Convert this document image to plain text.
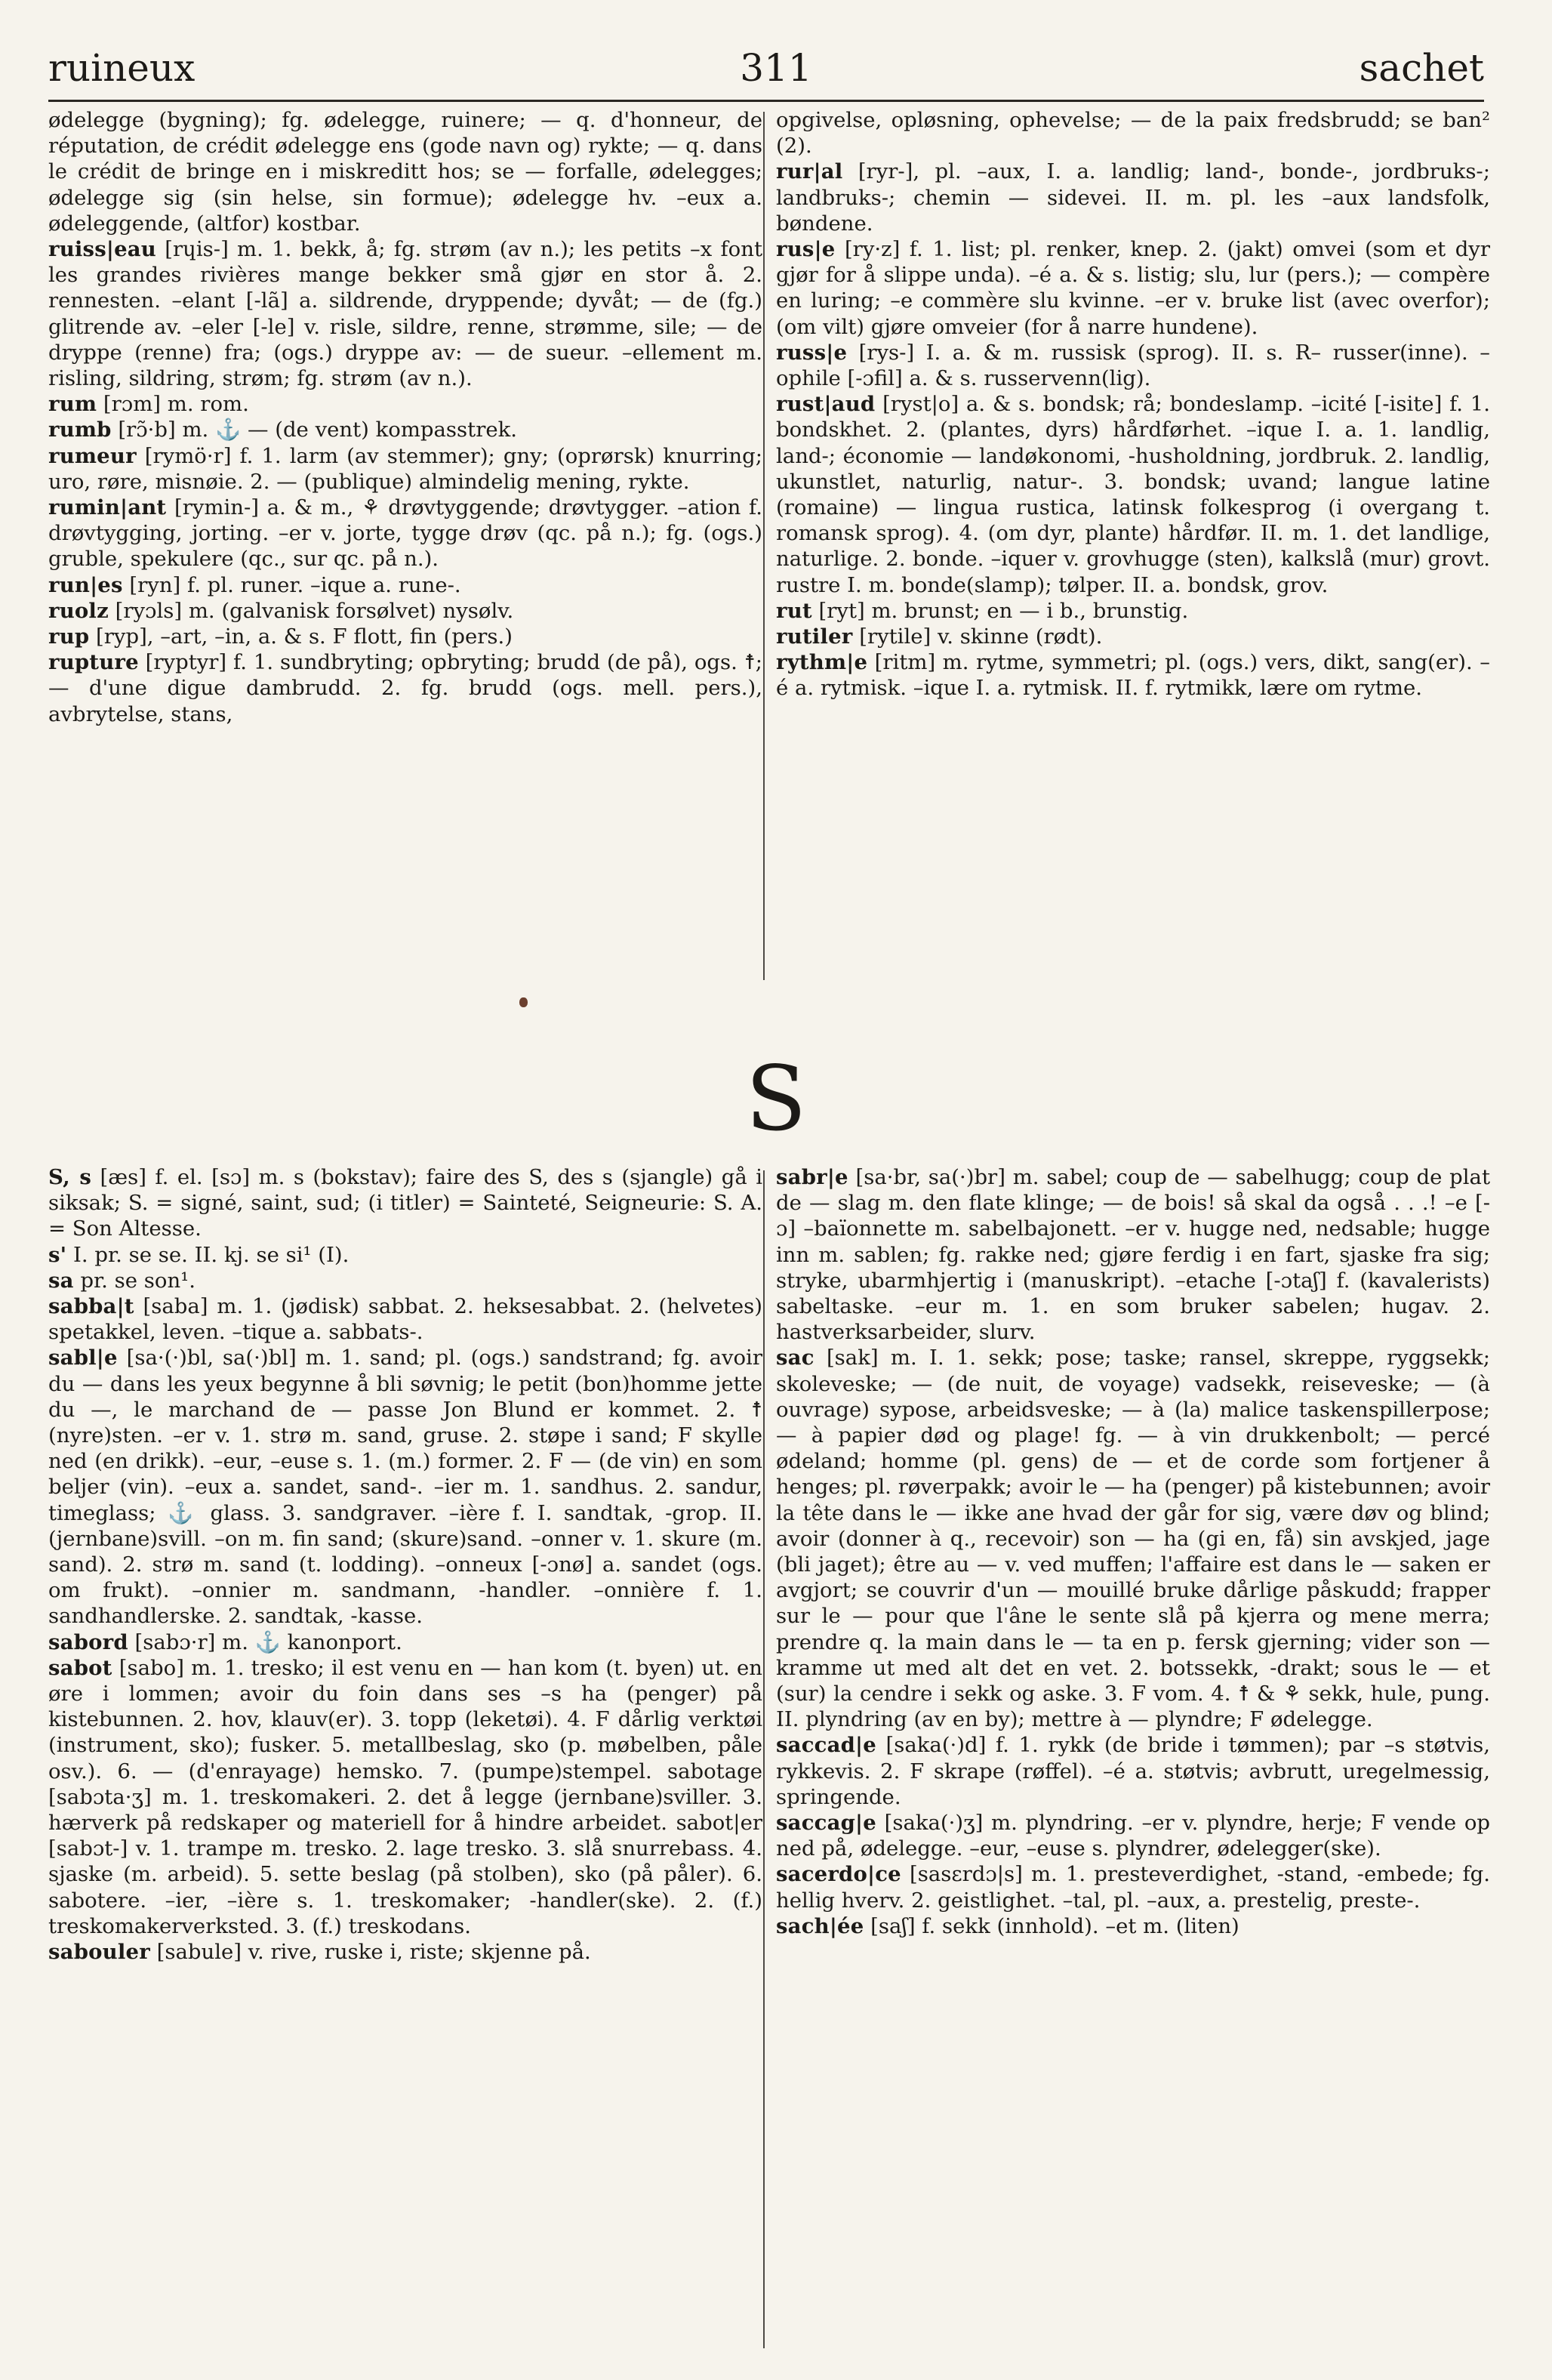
311
ruineux	sachet

ødelegge (bygning); fg. ødelegge, ruinere; — q. d'honneur, de réputation, de crédit ødelegge ens (gode navn og) rykte; — q. dans le crédit de bringe en i miskreditt hos; se — forfalle, ødelegges; ødelegge sig (sin helse, sin formue); ødelegge hv. –eux a. ødeleggende, (altfor) kostbar.

ruiss|eau [rɥis-] m. 1. bekk, å; fg. strøm (av n.); les petits –x font les grandes rivières mange bekker små gjør en stor å. 2. rennesten. –elant [-lã] a. sildrende, dryppende; dyvåt; — de (fg.) glitrende av. –eler [-le] v. risle, sildre, renne, strømme, sile; — de dryppe (renne) fra; (ogs.) dryppe av: — de sueur. –ellement m. risling, sildring, strøm; fg. strøm (av n.).

rum [rɔm] m. rom.

rumb [rɔ̃·b] m. ⚓ — (de vent) kompasstrek.

rumeur [rymö·r] f. 1. larm (av stemmer); gny; (oprørsk) knurring; uro, røre, misnøie. 2. — (publique) almindelig mening, rykte.

rumin|ant [rymin-] a. & m., ⚘ drøvtyggende; drøvtygger. –ation f. drøvtygging, jorting. –er v. jorte, tygge drøv (qc. på n.); fg. (ogs.) gruble, spekulere (qc., sur qc. på n.).

run|es [ryn] f. pl. runer. –ique a. rune-.

ruolz [ryɔls] m. (galvanisk forsølvet) nysølv.

rup [ryp], –art, –in, a. & s. F flott, fin (pers.)

rupture [ryptyr] f. 1. sundbryting; opbryting; brudd (de på), ogs. ☨; — d'une digue dambrudd. 2. fg. brudd (ogs. mell. pers.), avbrytelse, stans,

opgivelse, opløsning, ophevelse; — de la paix fredsbrudd; se ban² (2).

rur|al [ryr-], pl. –aux, I. a. landlig; land-, bonde-, jordbruks-; landbruks-; chemin — sidevei. II. m. pl. les –aux landsfolk, bøndene.

rus|e [ry·z] f. 1. list; pl. renker, knep. 2. (jakt) omvei (som et dyr gjør for å slippe unda). –é a. & s. listig; slu, lur (pers.); — compère en luring; –e commère slu kvinne. –er v. bruke list (avec overfor); (om vilt) gjøre omveier (for å narre hundene).

russ|e [rys-] I. a. & m. russisk (sprog). II. s. R– russer(inne). –ophile [-ɔfil] a. & s. russervenn(lig).

rust|aud [ryst|o] a. & s. bondsk; rå; bondeslamp. –icité [-isite] f. 1. bondskhet. 2. (plantes, dyrs) hårdførhet. –ique I. a. 1. landlig, land-; économie — landøkonomi, -husholdning, jordbruk. 2. landlig, ukunstlet, naturlig, natur-. 3. bondsk; uvand; langue latine (romaine) — lingua rustica, latinsk folkesprog (i overgang t. romansk sprog). 4. (om dyr, plante) hårdfør. II. m. 1. det landlige, naturlige. 2. bonde. –iquer v. grovhugge (sten), kalkslå (mur) grovt. rustre I. m. bonde(slamp); tølper. II. a. bondsk, grov.

rut [ryt] m. brunst; en — i b., brunstig.

rutiler [rytile] v. skinne (rødt).

rythm|e [ritm] m. rytme, symmetri; pl. (ogs.) vers, dikt, sang(er). –é a. rytmisk. –ique I. a. rytmisk. II. f. rytmikk, lære om rytme.

S

S, s [æs] f. el. [sɔ] m. s (bokstav); faire des S, des s (sjangle) gå i siksak; S. = signé, saint, sud; (i titler) = Sainteté, Seigneurie: S. A. = Son Altesse.

s' I. pr. se se. II. kj. se si¹ (I).

sa pr. se son¹.

sabba|t [saba] m. 1. (jødisk) sabbat. 2. heksesabbat. 2. (helvetes) spetakkel, leven. –tique a. sabbats-.

sabl|e [sa·(·)bl, sa(·)bl] m. 1. sand; pl. (ogs.) sandstrand; fg. avoir du — dans les yeux begynne å bli søvnig; le petit (bon)homme jette du —, le marchand de — passe Jon Blund er kommet. 2. ☨ (nyre)sten. –er v. 1. strø m. sand, gruse. 2. støpe i sand; F skylle ned (en drikk). –eur, –euse s. 1. (m.) former. 2. F — (de vin) en som beljer (vin). –eux a. sandet, sand-. –ier m. 1. sandhus. 2. sandur, timeglass; ⚓ glass. 3. sandgraver. –ière f. I. sandtak, -grop. II. (jernbane)svill. –on m. fin sand; (skure)sand. –onner v. 1. skure (m. sand). 2. strø m. sand (t. lodding). –onneux [-ɔnø] a. sandet (ogs. om frukt). –onnier m. sandmann, -handler. –onnière f. 1. sandhandlerske. 2. sandtak, -kasse.

sabord [sabɔ·r] m. ⚓ kanonport.

sabot [sabo] m. 1. tresko; il est venu en — han kom (t. byen) ut. en øre i lommen; avoir du foin dans ses –s ha (penger) på kistebunnen. 2. hov, klauv(er). 3. topp (leketøi). 4. F dårlig verktøi (instrument, sko); fusker. 5. metallbeslag, sko (p. møbelben, påle osv.). 6. — (d'enrayage) hemsko. 7. (pumpe)stempel. sabotage [sabɔta·ʒ] m. 1. treskomakeri. 2. det å legge (jernbane)sviller. 3. hærverk på redskaper og materiell for å hindre arbeidet. sabot|er [sabɔt-] v. 1. trampe m. tresko. 2. lage tresko. 3. slå snurrebass. 4. sjaske (m. arbeid). 5. sette beslag (på stolben), sko (på påler). 6. sabotere. –ier, –ière s. 1. treskomaker; -handler(ske). 2. (f.) treskomakerverksted. 3. (f.) treskodans.

sabouler [sabule] v. rive, ruske i, riste; skjenne på.

sabr|e [sa·br, sa(·)br] m. sabel; coup de — sabelhugg; coup de plat de — slag m. den flate klinge; — de bois! så skal da også . . .! –e [-ɔ] –baïonnette m. sabelbajonett. –er v. hugge ned, nedsable; hugge inn m. sablen; fg. rakke ned; gjøre ferdig i en fart, sjaske fra sig; stryke, ubarmhjertig i (manuskript). –etache [-ɔtaʃ] f. (kavalerists) sabeltaske. –eur m. 1. en som bruker sabelen; hugav. 2. hastverksarbeider, slurv.

sac [sak] m. I. 1. sekk; pose; taske; ransel, skreppe, ryggsekk; skoleveske; — (de nuit, de voyage) vadsekk, reiseveske; — (à ouvrage) sypose, arbeidsveske; — à (la) malice taskenspillerpose; — à papier død og plage! fg. — à vin drukkenbolt; — percé ødeland; homme (pl. gens) de — et de corde som fortjener å henges; pl. røverpakk; avoir le — ha (penger) på kistebunnen; avoir la tête dans le — ikke ane hvad der går for sig, være døv og blind; avoir (donner à q., recevoir) son — ha (gi en, få) sin avskjed, jage (bli jaget); être au — v. ved muffen; l'affaire est dans le — saken er avgjort; se couvrir d'un — mouillé bruke dårlige påskudd; frapper sur le — pour que l'âne le sente slå på kjerra og mene merra; prendre q. la main dans le — ta en p. fersk gjerning; vider son — kramme ut med alt det en vet. 2. botssekk, -drakt; sous le — et (sur) la cendre i sekk og aske. 3. F vom. 4. ☨ & ⚘ sekk, hule, pung. II. plyndring (av en by); mettre à — plyndre; F ødelegge.

saccad|e [saka(·)d] f. 1. rykk (de bride i tømmen); par –s støtvis, rykkevis. 2. F skrape (røffel). –é a. støtvis; avbrutt, uregelmessig, springende.

saccag|e [saka(·)ʒ] m. plyndring. –er v. plyndre, herje; F vende op ned på, ødelegge. –eur, –euse s. plyndrer, ødelegger(ske).

sacerdo|ce [sasɛrdɔ|s] m. 1. presteverdighet, -stand, -embede; fg. hellig hverv. 2. geistlighet. –tal, pl. –aux, a. prestelig, preste-.

sach|ée [saʃ] f. sekk (innhold). –et m. (liten)
